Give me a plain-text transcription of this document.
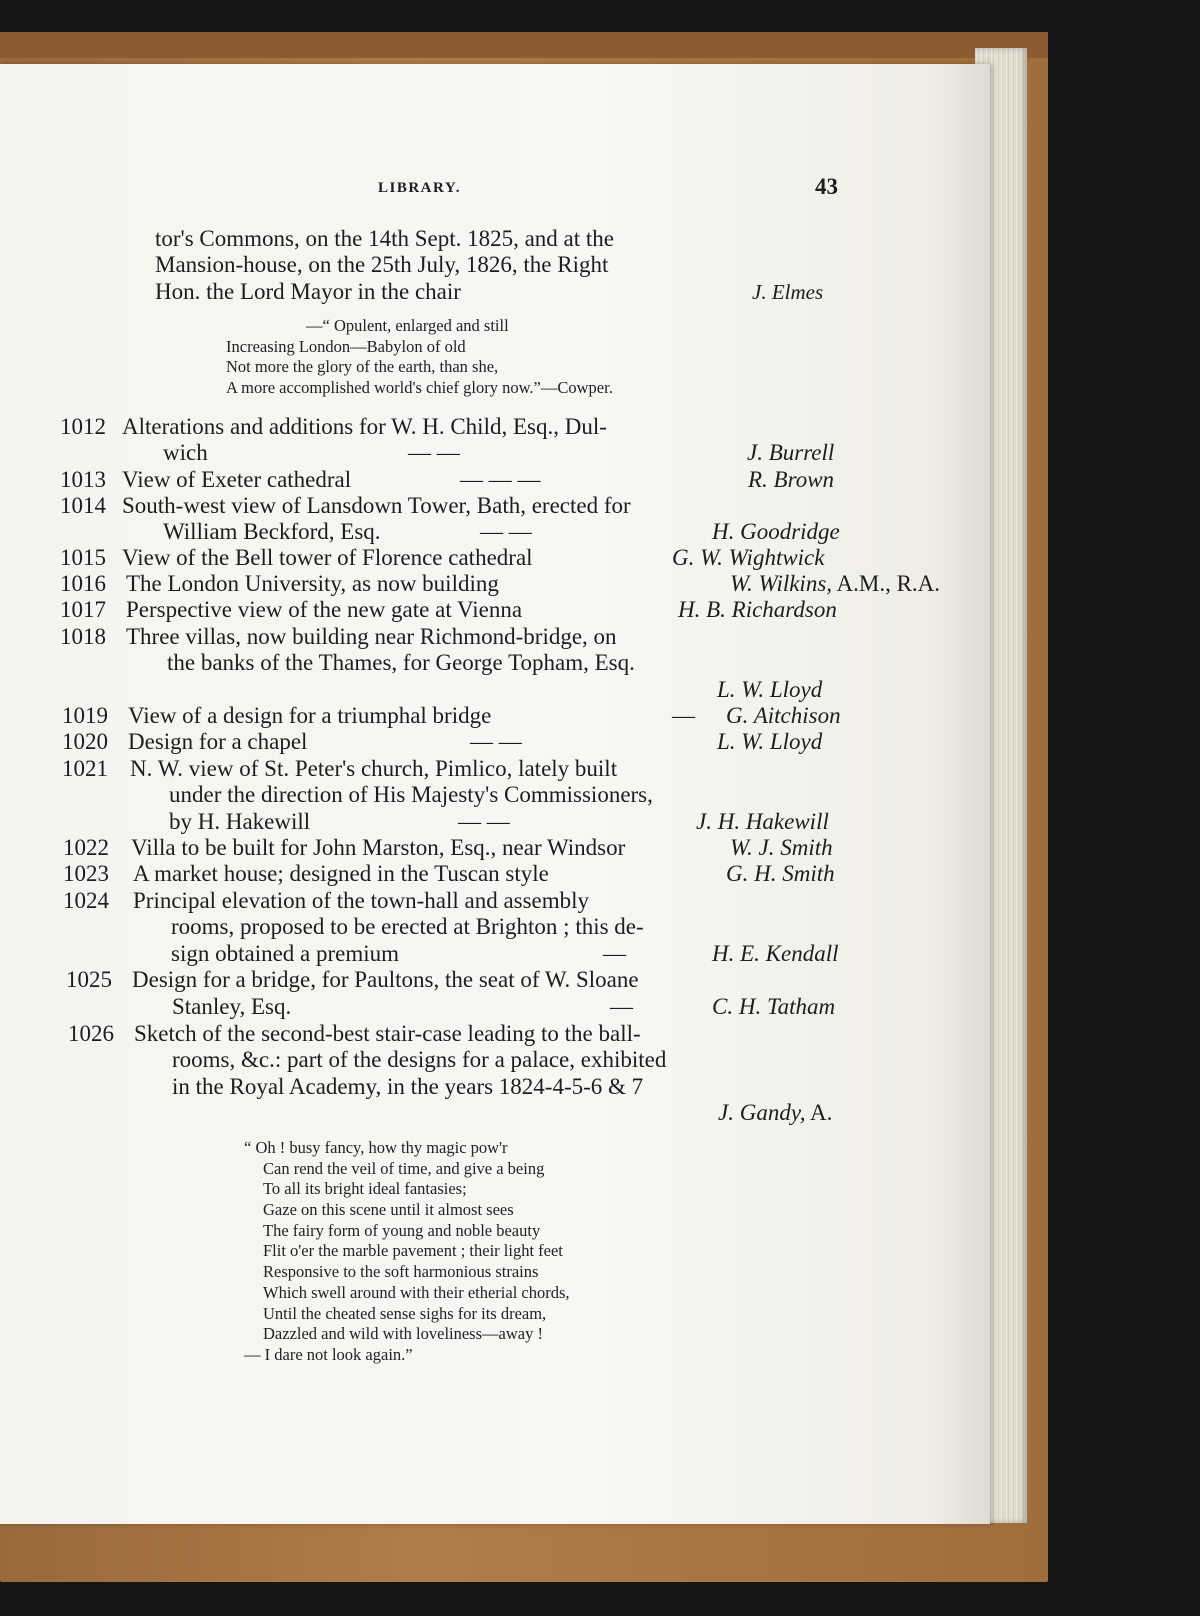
LIBRARY.	43
tor's Commons, on the 14th Sept. 1825, and at the
Mansion-house, on the 25th July, 1826, the Right
Hon. the Lord Mayor in the chair	J. Elmes
—“ Opulent, enlarged and still
Increasing London—Babylon of old
Not more the glory of the earth, than she,
A more accomplished world's chief glory now.”—Cowper.
1012 Alterations and additions for W. H. Child, Esq., Dul-
wich	— —	J. Burrell
1013 View of Exeter cathedral	— — —	R. Brown
1014 South-west view of Lansdown Tower, Bath, erected for
William Beckford, Esq.	— —	H. Goodridge
1015 View of the Bell tower of Florence cathedral	G. W. Wightwick
1016 The London University, as now building	W. Wilkins, A.M., R.A.
1017 Perspective view of the new gate at Vienna	H. B. Richardson
1018 Three villas, now building near Richmond-bridge, on
the banks of the Thames, for George Topham, Esq.
L. W. Lloyd
1019 View of a design for a triumphal bridge	— G. Aitchison
1020 Design for a chapel	— —	L. W. Lloyd
1021 N. W. view of St. Peter's church, Pimlico, lately built
under the direction of His Majesty's Commissioners,
by H. Hakewill	— —	J. H. Hakewill
1022 Villa to be built for John Marston, Esq., near Windsor	W. J. Smith
1023 A market house; designed in the Tuscan style	G. H. Smith
1024 Principal elevation of the town-hall and assembly
rooms, proposed to be erected at Brighton ; this de-
sign obtained a premium	—	H. E. Kendall
1025 Design for a bridge, for Paultons, the seat of W. Sloane
Stanley, Esq.	—	C. H. Tatham
1026 Sketch of the second-best stair-case leading to the ball-
rooms, &c.: part of the designs for a palace, exhibited
in the Royal Academy, in the years 1824-4-5-6 & 7
J. Gandy, A.
“ Oh ! busy fancy, how thy magic pow'r
Can rend the veil of time, and give a being
To all its bright ideal fantasies;
Gaze on this scene until it almost sees
The fairy form of young and noble beauty
Flit o'er the marble pavement ; their light feet
Responsive to the soft harmonious strains
Which swell around with their etherial chords,
Until the cheated sense sighs for its dream,
Dazzled and wild with loveliness—away !
— I dare not look again.”
